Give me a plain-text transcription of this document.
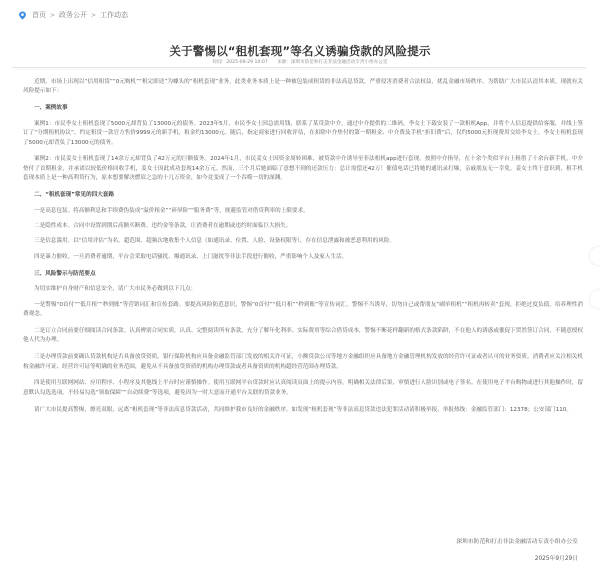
首页 > 政务公开 > 工作动态
关于警惕以“租机套现”等名义诱骗贷款的风险提示
时间：2025-09-29 10:07 来源：深圳市防范和打击非法金融活动专责小组办公室

近期，市场上出现以“信用租赁”“0元购机”“租完即送”为噱头的“租机套现”业务，此类业务本质上是一种被包装成租赁的非法高息贷款，严重侵害消费者合法权益，扰乱金融市场秩序。为帮助广大市民认清其本质，现就有关风险提示如下：

一、案例故事

案例1：市民李女士租机套现了5000元却背负了13000元的债务。2023年5月，市民李女士因急需用钱，联系了某贷款中介，通过中介提供的二维码，李女士下载安装了一款租机App，并将个人信息提供给客服，并线上签订了“分期租机协议”，约定租赁一款官方售价9999元的新手机，租金约13000元。随后，指定商家进行回收评估，在扣除中介垫付的第一期租金、中介费及手机“折旧费”后，仅约5000元折现费用交给李女士。李女士租机套现了5000元却背负了13000元的债务。

案例2：市民姜女士租机套现了14余万元却背负了42万元的巨额债务。2024年1月，市民姜女士因资金周转困难，被贷款中介诱导至非法租机app进行套现。按照中介指导，在十余个类似平台上租借了十余台新手机，中介垫付了首期租金，并承诺以较低价格回收手机，姜女士因此成功套现14余万元。然而，三个月后她面临了意想不到的还款压力：总计需偿还42万！催债电话已将她的通讯录打爆，亲戚朋友无一幸免。姜女士终于意识到，租手机套现本质上是一种高利贷行为，原本想要解决燃眉之急的十几万资金，如今竟变成了一个吞噬一切的深渊。

二、“租机套现”常见的四大套路

一是高息包装。将高额利息和手续费伪装成“溢价租金”“碎屏险”“服务费”等，规避监管对借贷利率的上限要求。

二是隐性成本。合同中设置到期后高额买断费、违约金等条款，让消费者在逾期或违约时面临巨大损失。

三是信息滥用。以“信用评估”为名，超范围、超频次地收集个人信息（如通讯录、位置、人脸、设备权限等），存在信息泄露和被恶意利用的风险。

四是暴力催收。一旦消费者逾期，平台会采取电话骚扰、爆通讯录、上门滋扰等非法手段进行催收，严重影响个人及家人生活。

三、风险警示与防范要点

为切实维护自身财产和信息安全，请广大市民务必做到以下几点：

一是警惕“0首付”“低月租”“秒到账”等营销词汇和宣传套路。要提高风险防范意识，警惕“0首付”“低月租”“秒到账”等宣传词汇，警惕不当诱导，切勿自己或帮朋友“刷单租机”“租机再转卖”套现，拒绝过度负债，培养理性消费观念。

二是订立合同前要仔细阅读合同条款。认真辨别合同实质，认真、完整阅读所有条款，充分了解年化利率、实际费用等综合借贷成本，警惕不断花样翻新的格式条款陷阱，不在他人的诱惑或催促下贸然签订合同，不随意授权他人代为办理。

三是办理贷款前要确认贷款机构是否具备放贷资质。银行保险机构应具备金融监管部门发放的相关许可证，小额贷款公司等地方金融组织应具备地方金融管理机构发放的经营许可证或者认可的业务资质。消费者应关注相关机构金融许可证、经营许可证等明确的业务范围，避免从不具备放贷资质的机构办理贷款或者具备资质的机构超经营范围办理贷款。

四是使用互联网网站、应用程序、小程序及其他线上平台时应谨慎操作。使用互联网平台贷款时应认真阅读页面上的提示内容，明确相关法律后果，审慎进行人脸识别或电子签名。在使用电子平台购物或进行其他操作时，留意默认勾选选项，不轻易勾选“领取保障”“自动续费”等选项，避免因为一时大意而开通平台关联的贷款业务。

请广大市民提高警惕，擦亮双眼，远离“租机套现”等非法高息贷款活动，共同维护我市良好的金融秩序。如发现“租机套现”等非法高息贷款违法犯罪活动请积极举报，举报热线：金融监管部门：12378；公安部门110。

深圳市防范和打击非法金融活动专责小组办公室
2025年9月29日
